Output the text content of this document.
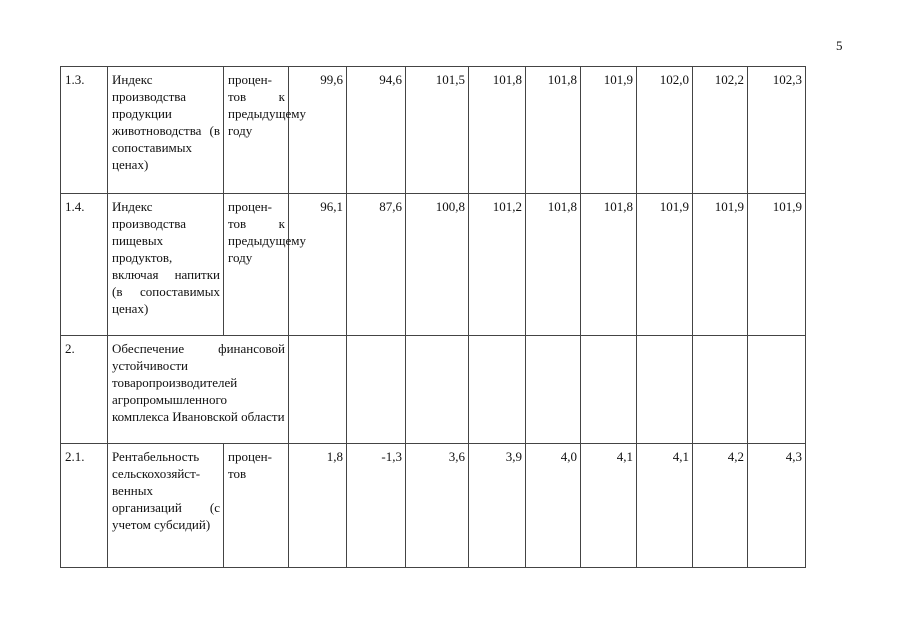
5
1.3.	Индекс производства продукции животноводства (в сопоставимых ценах)	процен-тов к предыдущему году	99,6	94,6	101,5	101,8	101,8	101,9	102,0	102,2	102,3
1.4.	Индекс производства пищевых продуктов, включая напитки (в сопоставимых ценах)	процен-тов к предыдущему году	96,1	87,6	100,8	101,2	101,8	101,8	101,9	101,9	101,9
2.	Обеспечение финансовой устойчивости товаропроизводителей агропромышленного комплекса Ивановской области										
2.1.	Рентабельность сельскохозяйст-венных организаций (с учетом субсидий)	процен-тов	1,8	-1,3	3,6	3,9	4,0	4,1	4,1	4,2	4,3
